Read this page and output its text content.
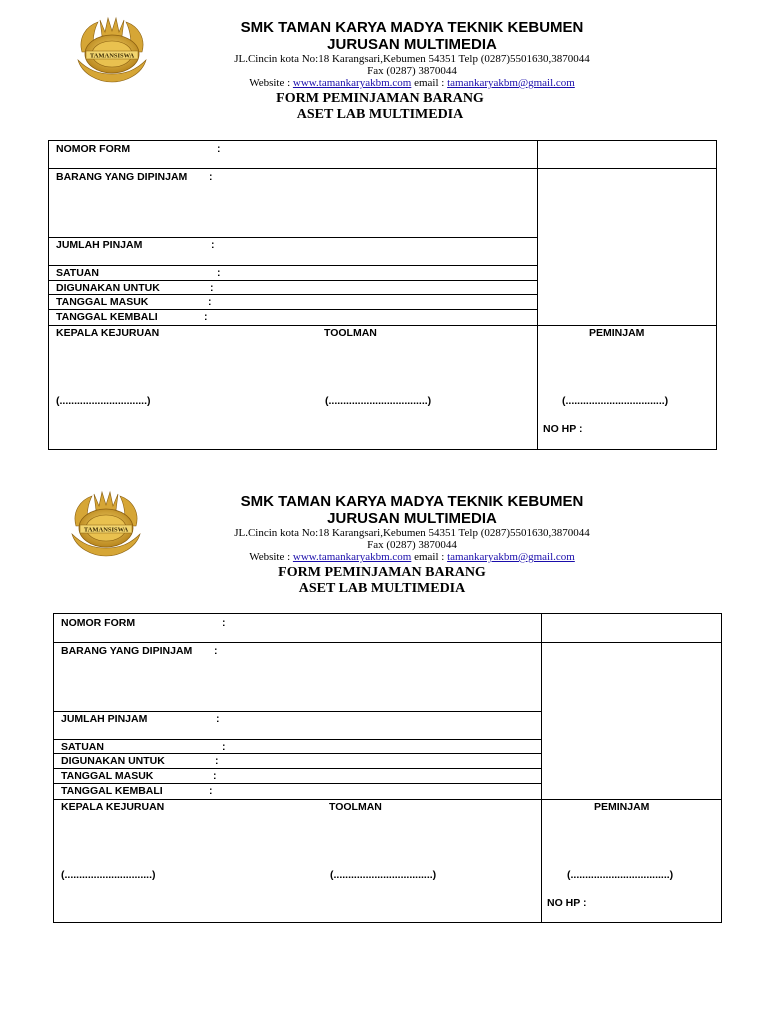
TAMANSISWA
SMK TAMAN KARYA MADYA TEKNIK KEBUMEN
JURUSAN MULTIMEDIA
JL.Cincin kota No:18 Karangsari,Kebumen 54351 Telp (0287)5501630,3870044
Fax (0287) 3870044
Website : www.tamankaryakbm.com email : tamankaryakbm@gmail.com
FORM PEMINJAMAN BARANG
ASET LAB MULTIMEDIA
NOMOR FORM	:
BARANG YANG DIPINJAM :
JUMLAH PINJAM	:
SATUAN	:
DIGUNAKAN UNTUK	:
TANGGAL MASUK	:
TANGGAL KEMBALI	:
KEPALA KEJURUAN	TOOLMAN	PEMINJAM
(..............................)	(..................................)	(..................................)
NO HP :
TAMANSISWA
SMK TAMAN KARYA MADYA TEKNIK KEBUMEN
JURUSAN MULTIMEDIA
JL.Cincin kota No:18 Karangsari,Kebumen 54351 Telp (0287)5501630,3870044
Fax (0287) 3870044
Website : www.tamankaryakbm.com email : tamankaryakbm@gmail.com
FORM PEMINJAMAN BARANG
ASET LAB MULTIMEDIA
NOMOR FORM	:
BARANG YANG DIPINJAM :
JUMLAH PINJAM	:
SATUAN	:
DIGUNAKAN UNTUK	:
TANGGAL MASUK	:
TANGGAL KEMBALI	:
KEPALA KEJURUAN	TOOLMAN	PEMINJAM
(..............................)	(..................................)	(..................................)
NO HP :
